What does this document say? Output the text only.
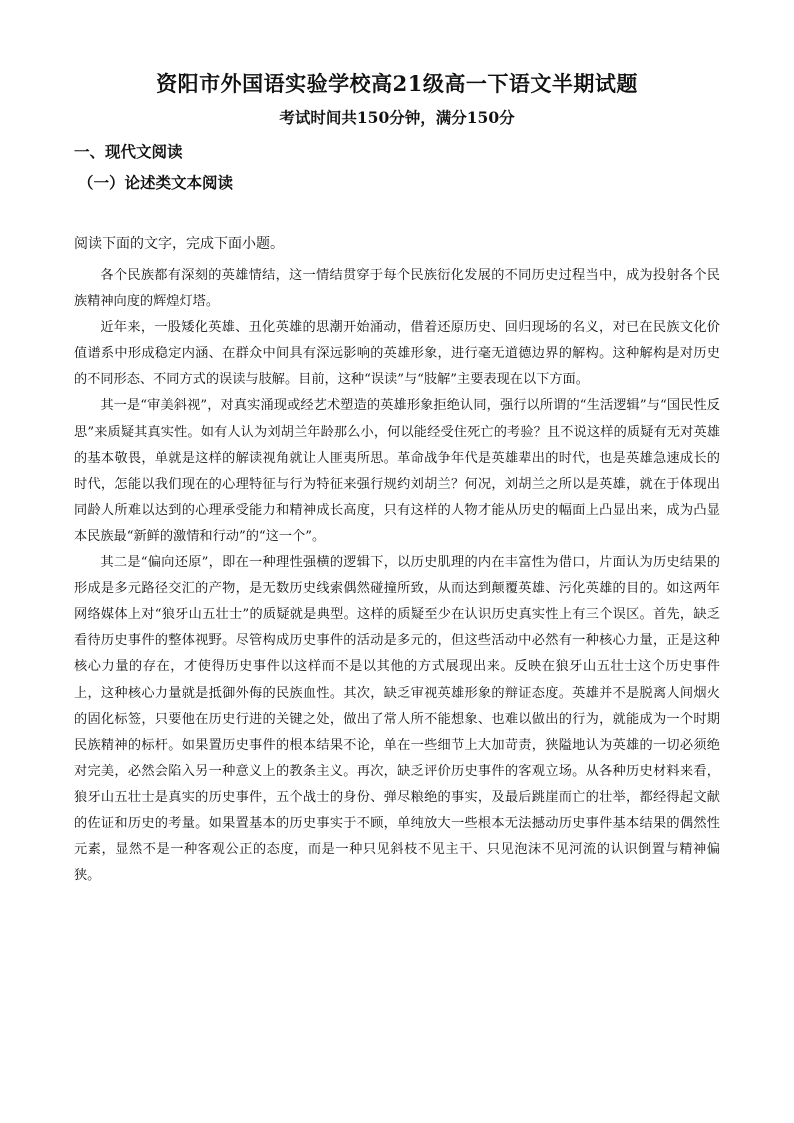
资阳市外国语实验学校高21级高一下语文半期试题
考试时间共150分钟，满分150分
一、现代文阅读
（一）论述类文本阅读
阅读下面的文字，完成下面小题。

各个民族都有深刻的英雄情结，这一情结贯穿于每个民族衍化发展的不同历史过程当中，成为投射各个民族精神向度的辉煌灯塔。

近年来，一股矮化英雄、丑化英雄的思潮开始涌动，借着还原历史、回归现场的名义，对已在民族文化价值谱系中形成稳定内涵、在群众中间具有深远影响的英雄形象，进行毫无道德边界的解构。这种解构是对历史的不同形态、不同方式的误读与肢解。目前，这种“误读”与“肢解”主要表现在以下方面。

其一是“审美斜视”，对真实涌现或经艺术塑造的英雄形象拒绝认同，强行以所谓的“生活逻辑”与“国民性反思”来质疑其真实性。如有人认为刘胡兰年龄那么小，何以能经受住死亡的考验？且不说这样的质疑有无对英雄的基本敬畏，单就是这样的解读视角就让人匪夷所思。革命战争年代是英雄辈出的时代，也是英雄急速成长的时代，怎能以我们现在的心理特征与行为特征来强行规约刘胡兰？何况，刘胡兰之所以是英雄，就在于体现出同龄人所难以达到的心理承受能力和精神成长高度，只有这样的人物才能从历史的幅面上凸显出来，成为凸显本民族最“新鲜的激情和行动”的“这一个”。

其二是“偏向还原”，即在一种理性强横的逻辑下，以历史肌理的内在丰富性为借口，片面认为历史结果的形成是多元路径交汇的产物，是无数历史线索偶然碰撞所致，从而达到颠覆英雄、污化英雄的目的。如这两年网络媒体上对“狼牙山五壮士”的质疑就是典型。这样的质疑至少在认识历史真实性上有三个误区。首先，缺乏看待历史事件的整体视野。尽管构成历史事件的活动是多元的，但这些活动中必然有一种核心力量，正是这种核心力量的存在，才使得历史事件以这样而不是以其他的方式展现出来。反映在狼牙山五壮士这个历史事件上，这种核心力量就是抵御外侮的民族血性。其次，缺乏审视英雄形象的辩证态度。英雄并不是脱离人间烟火的固化标签，只要他在历史行进的关键之处，做出了常人所不能想象、也难以做出的行为，就能成为一个时期民族精神的标杆。如果置历史事件的根本结果不论，单在一些细节上大加苛责，狭隘地认为英雄的一切必须绝对完美，必然会陷入另一种意义上的教条主义。再次，缺乏评价历史事件的客观立场。从各种历史材料来看，狼牙山五壮士是真实的历史事件，五个战士的身份、弹尽粮绝的事实，及最后跳崖而亡的壮举，都经得起文献的佐证和历史的考量。如果置基本的历史事实于不顾，单纯放大一些根本无法撼动历史事件基本结果的偶然性元素，显然不是一种客观公正的态度，而是一种只见斜枝不见主干、只见泡沫不见河流的认识倒置与精神偏狭。
